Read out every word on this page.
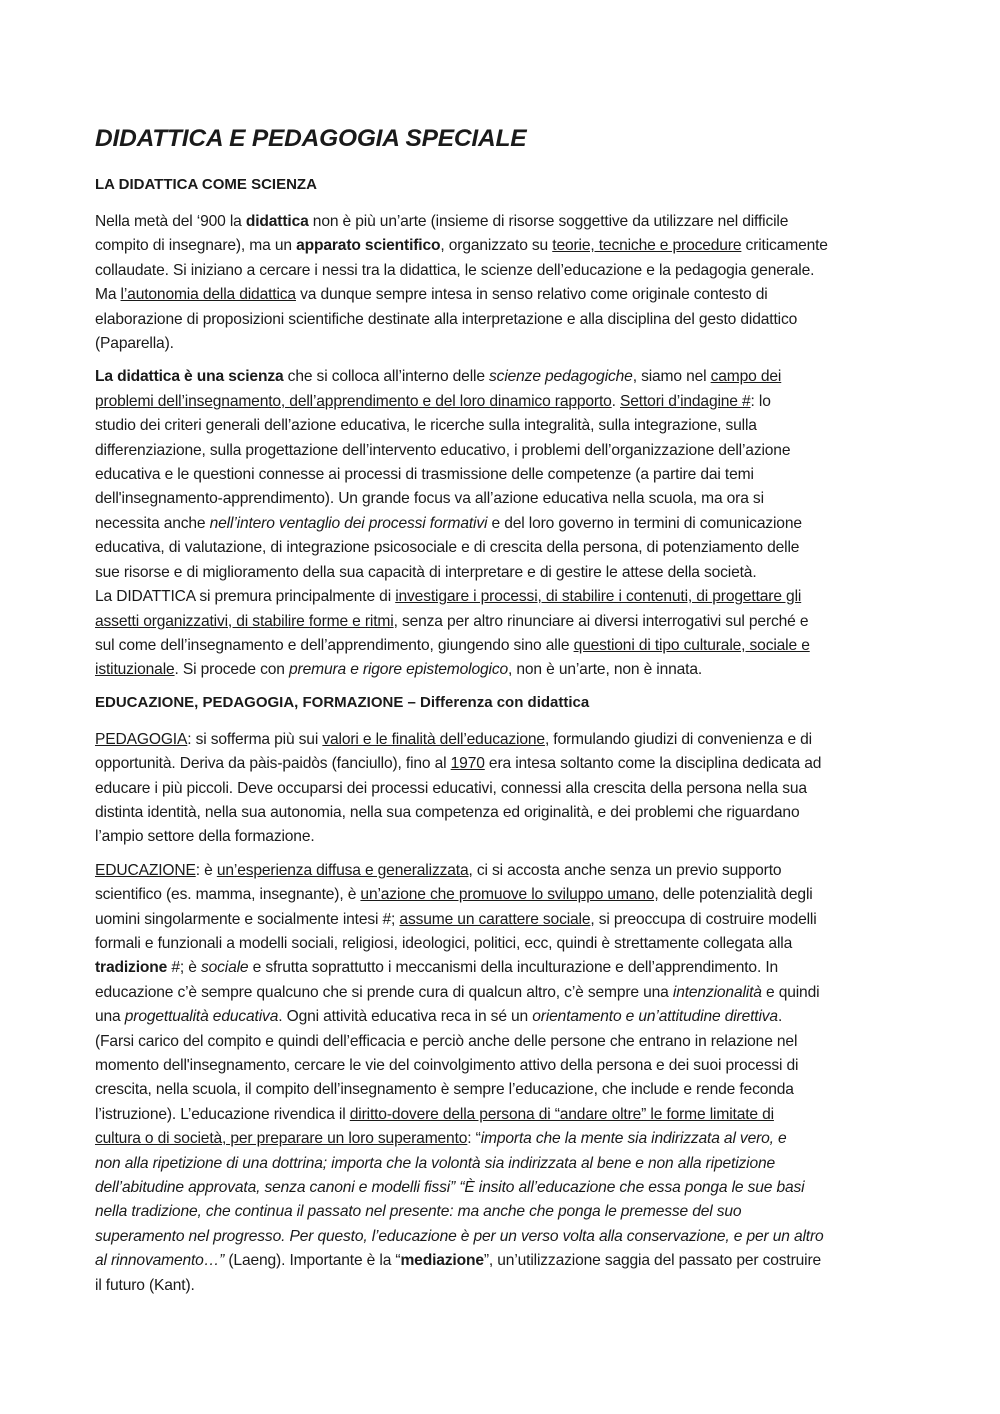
DIDATTICA E PEDAGOGIA SPECIALE
LA DIDATTICA COME SCIENZA
Nella metà del ‘900 la didattica non è più un’arte (insieme di risorse soggettive da utilizzare nel difficile
compito di insegnare), ma un apparato scientifico, organizzato su teorie, tecniche e procedure criticamente
collaudate. Si iniziano a cercare i nessi tra la didattica, le scienze dell’educazione e la pedagogia generale.
Ma l’autonomia della didattica va dunque sempre intesa in senso relativo come originale contesto di
elaborazione di proposizioni scientifiche destinate alla interpretazione e alla disciplina del gesto didattico
(Paparella).
La didattica è una scienza che si colloca all’interno delle scienze pedagogiche, siamo nel campo dei
problemi dell’insegnamento, dell’apprendimento e del loro dinamico rapporto. Settori d’indagine #: lo
studio dei criteri generali dell’azione educativa, le ricerche sulla integralità, sulla integrazione, sulla
differenziazione, sulla progettazione dell’intervento educativo, i problemi dell’organizzazione dell’azione
educativa e le questioni connesse ai processi di trasmissione delle competenze (a partire dai temi
dell'insegnamento-apprendimento). Un grande focus va all’azione educativa nella scuola, ma ora si
necessita anche nell’intero ventaglio dei processi formativi e del loro governo in termini di comunicazione
educativa, di valutazione, di integrazione psicosociale e di crescita della persona, di potenziamento delle
sue risorse e di miglioramento della sua capacità di interpretare e di gestire le attese della società.
La DIDATTICA si premura principalmente di investigare i processi, di stabilire i contenuti, di progettare gli
assetti organizzativi, di stabilire forme e ritmi, senza per altro rinunciare ai diversi interrogativi sul perché e
sul come dell’insegnamento e dell’apprendimento, giungendo sino alle questioni di tipo culturale, sociale e
istituzionale. Si procede con premura e rigore epistemologico, non è un’arte, non è innata.
EDUCAZIONE, PEDAGOGIA, FORMAZIONE – Differenza con didattica
PEDAGOGIA: si sofferma più sui valori e le finalità dell’educazione, formulando giudizi di convenienza e di
opportunità. Deriva da pàis-paidòs (fanciullo), fino al 1970 era intesa soltanto come la disciplina dedicata ad
educare i più piccoli. Deve occuparsi dei processi educativi, connessi alla crescita della persona nella sua
distinta identità, nella sua autonomia, nella sua competenza ed originalità, e dei problemi che riguardano
l’ampio settore della formazione.
EDUCAZIONE: è un’esperienza diffusa e generalizzata, ci si accosta anche senza un previo supporto
scientifico (es. mamma, insegnante), è un’azione che promuove lo sviluppo umano, delle potenzialità degli
uomini singolarmente e socialmente intesi #; assume un carattere sociale, si preoccupa di costruire modelli
formali e funzionali a modelli sociali, religiosi, ideologici, politici, ecc, quindi è strettamente collegata alla
tradizione #; è sociale e sfrutta soprattutto i meccanismi della inculturazione e dell’apprendimento. In
educazione c’è sempre qualcuno che si prende cura di qualcun altro, c’è sempre una intenzionalità e quindi
una progettualità educativa. Ogni attività educativa reca in sé un orientamento e un’attitudine direttiva.
(Farsi carico del compito e quindi dell’efficacia e perciò anche delle persone che entrano in relazione nel
momento dell'insegnamento, cercare le vie del coinvolgimento attivo della persona e dei suoi processi di
crescita, nella scuola, il compito dell’insegnamento è sempre l’educazione, che include e rende feconda
l’istruzione). L’educazione rivendica il diritto-dovere della persona di “andare oltre” le forme limitate di
cultura o di società, per preparare un loro superamento: “importa che la mente sia indirizzata al vero, e
non alla ripetizione di una dottrina; importa che la volontà sia indirizzata al bene e non alla ripetizione
dell’abitudine approvata, senza canoni e modelli fissi” “È insito all’educazione che essa ponga le sue basi
nella tradizione, che continua il passato nel presente: ma anche che ponga le premesse del suo
superamento nel progresso. Per questo, l’educazione è per un verso volta alla conservazione, e per un altro
al rinnovamento…” (Laeng). Importante è la “mediazione”, un’utilizzazione saggia del passato per costruire
il futuro (Kant).
